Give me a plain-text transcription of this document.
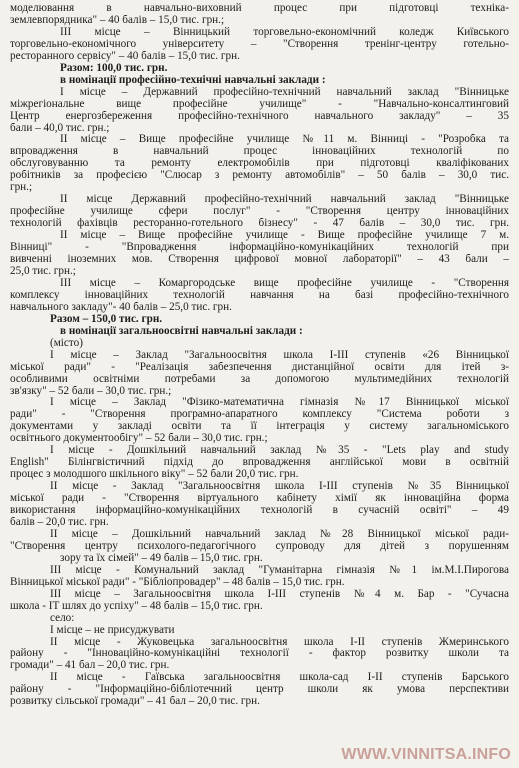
моделювання в навчально-виховний процес при підготовці техніка-
землевпорядника" – 40 балів – 15,0 тис. грн.;
III місце – Вінницький торговельно-економічний коледж Київського
торговельно-економічного університету – "Створення тренінг-центру готельно-
ресторанного сервісу" – 40 балів – 15,0 тис. грн.
Разом: 100,0 тис. грн.
в номінації професійно-технічні навчальні заклади :
I місце – Державний професійно-технічний навчальний заклад "Вінницьке
міжрегіональне вище професійне училище" - "Навчально-консалтинговий
Центр енергозбереження професійно-технічного навчального закладу" – 35
бали – 40,0 тис. грн.;
II місце – Вище професійне училище №11 м. Вінниці - "Розробка та
впровадження в навчальний процес інноваційних технологій по
обслуговуванню та ремонту електромобілів при підготовці кваліфікованих
робітників за професією "Слюсар з ремонту автомобілів" – 50 балів – 30,0 тис.
грн.;
II місце Державний професійно-технічний навчальний заклад "Вінницьке
професійне училище сфери послуг" - "Створення центру інноваційних
технологій фахівців ресторанно-готельного бізнесу" - 47 балів – 30,0 тис. грн.
II місце – Вище професійне училище - Вище професійне училище 7 м.
Вінниці" - "Впровадження інформаційно-комунікаційних технологій при
вивченні іноземних мов. Створення цифрової мовної лабораторії" – 43 бали –
25,0 тис. грн.;
III місце – Комаргородське вище професійне училище - "Створення
комплексу інноваційних технологій навчання на базі професійно-технічного
навчального закладу"- 40 балів – 25,0 тис. грн.
Разом – 150,0 тис. грн.
в номінації загальноосвітні навчальні заклади :
(місто)
I місце – Заклад "Загальноосвітня школа I-III ступенів «26 Вінницької
міської ради" - "Реалізація забезпечення дистанційної освіти для ітей з-
особливими освітніми потребами за допомогою мультимедійних технологій
зв'язку" – 52 бали – 30,0 тис. грн.;
I місце – Заклад "Фізико-математична гімназія №17 Вінницької міської
ради" - "Створення програмно-апаратного комплексу "Система роботи з
документами у закладі освіти та її інтеграція у систему загальноміського
освітнього документообігу" – 52 бали – 30,0 тис. грн.;
I місце - Дошкільний навчальний заклад №35 - "Lets play and study
English" Білінгвістичний підхід до впровадження англійської мови в освітній
процес з молодшого шкільного віку" – 52 бали 20,0 тис. грн.
II місце - Заклад "Загальноосвітня школа I-III ступенів №35 Вінницької
міської ради - "Створення віртуального кабінету хімії як інноваційна форма
використання інформаційно-комунікаційних технологій в сучасній освіті" – 49
балів – 20,0 тис. грн.
II місце – Дошкільний навчальний заклад №28 Вінницької міської ради-
"Створення центру психолого-педагогічного супроводу для дітей з порушенням
зору та їх сімей" – 49 балів – 15,0 тис. грн.
III місце - Комунальний заклад "Гуманітарна гімназія №1 ім.М.І.Пирогова
Вінницької міської ради" - "Бібліопровадер" – 48 балів – 15,0 тис. грн.
III місце – Загальноосвітня школа I-III ступенів №4 м. Бар - "Сучасна
школа - IT шлях до успіху" – 48 балів – 15,0 тис. грн.
село:
I місце – не присуджувати
II місце - Жуковецька загальноосвітня школа I-II ступенів Жмеринського
району - "Інноваційно-комунікаційні технології - фактор розвитку школи та
громади" – 41 бал – 20,0 тис. грн.
II місце - Гаївська загальноосвітня школа-сад I-II ступенів Барського
району - "Інформаційно-бібліотечний центр школи як умова перспективи
розвитку сільської громади" – 41 бал – 20,0 тис. грн.
WWW.VINNITSA.INFO
